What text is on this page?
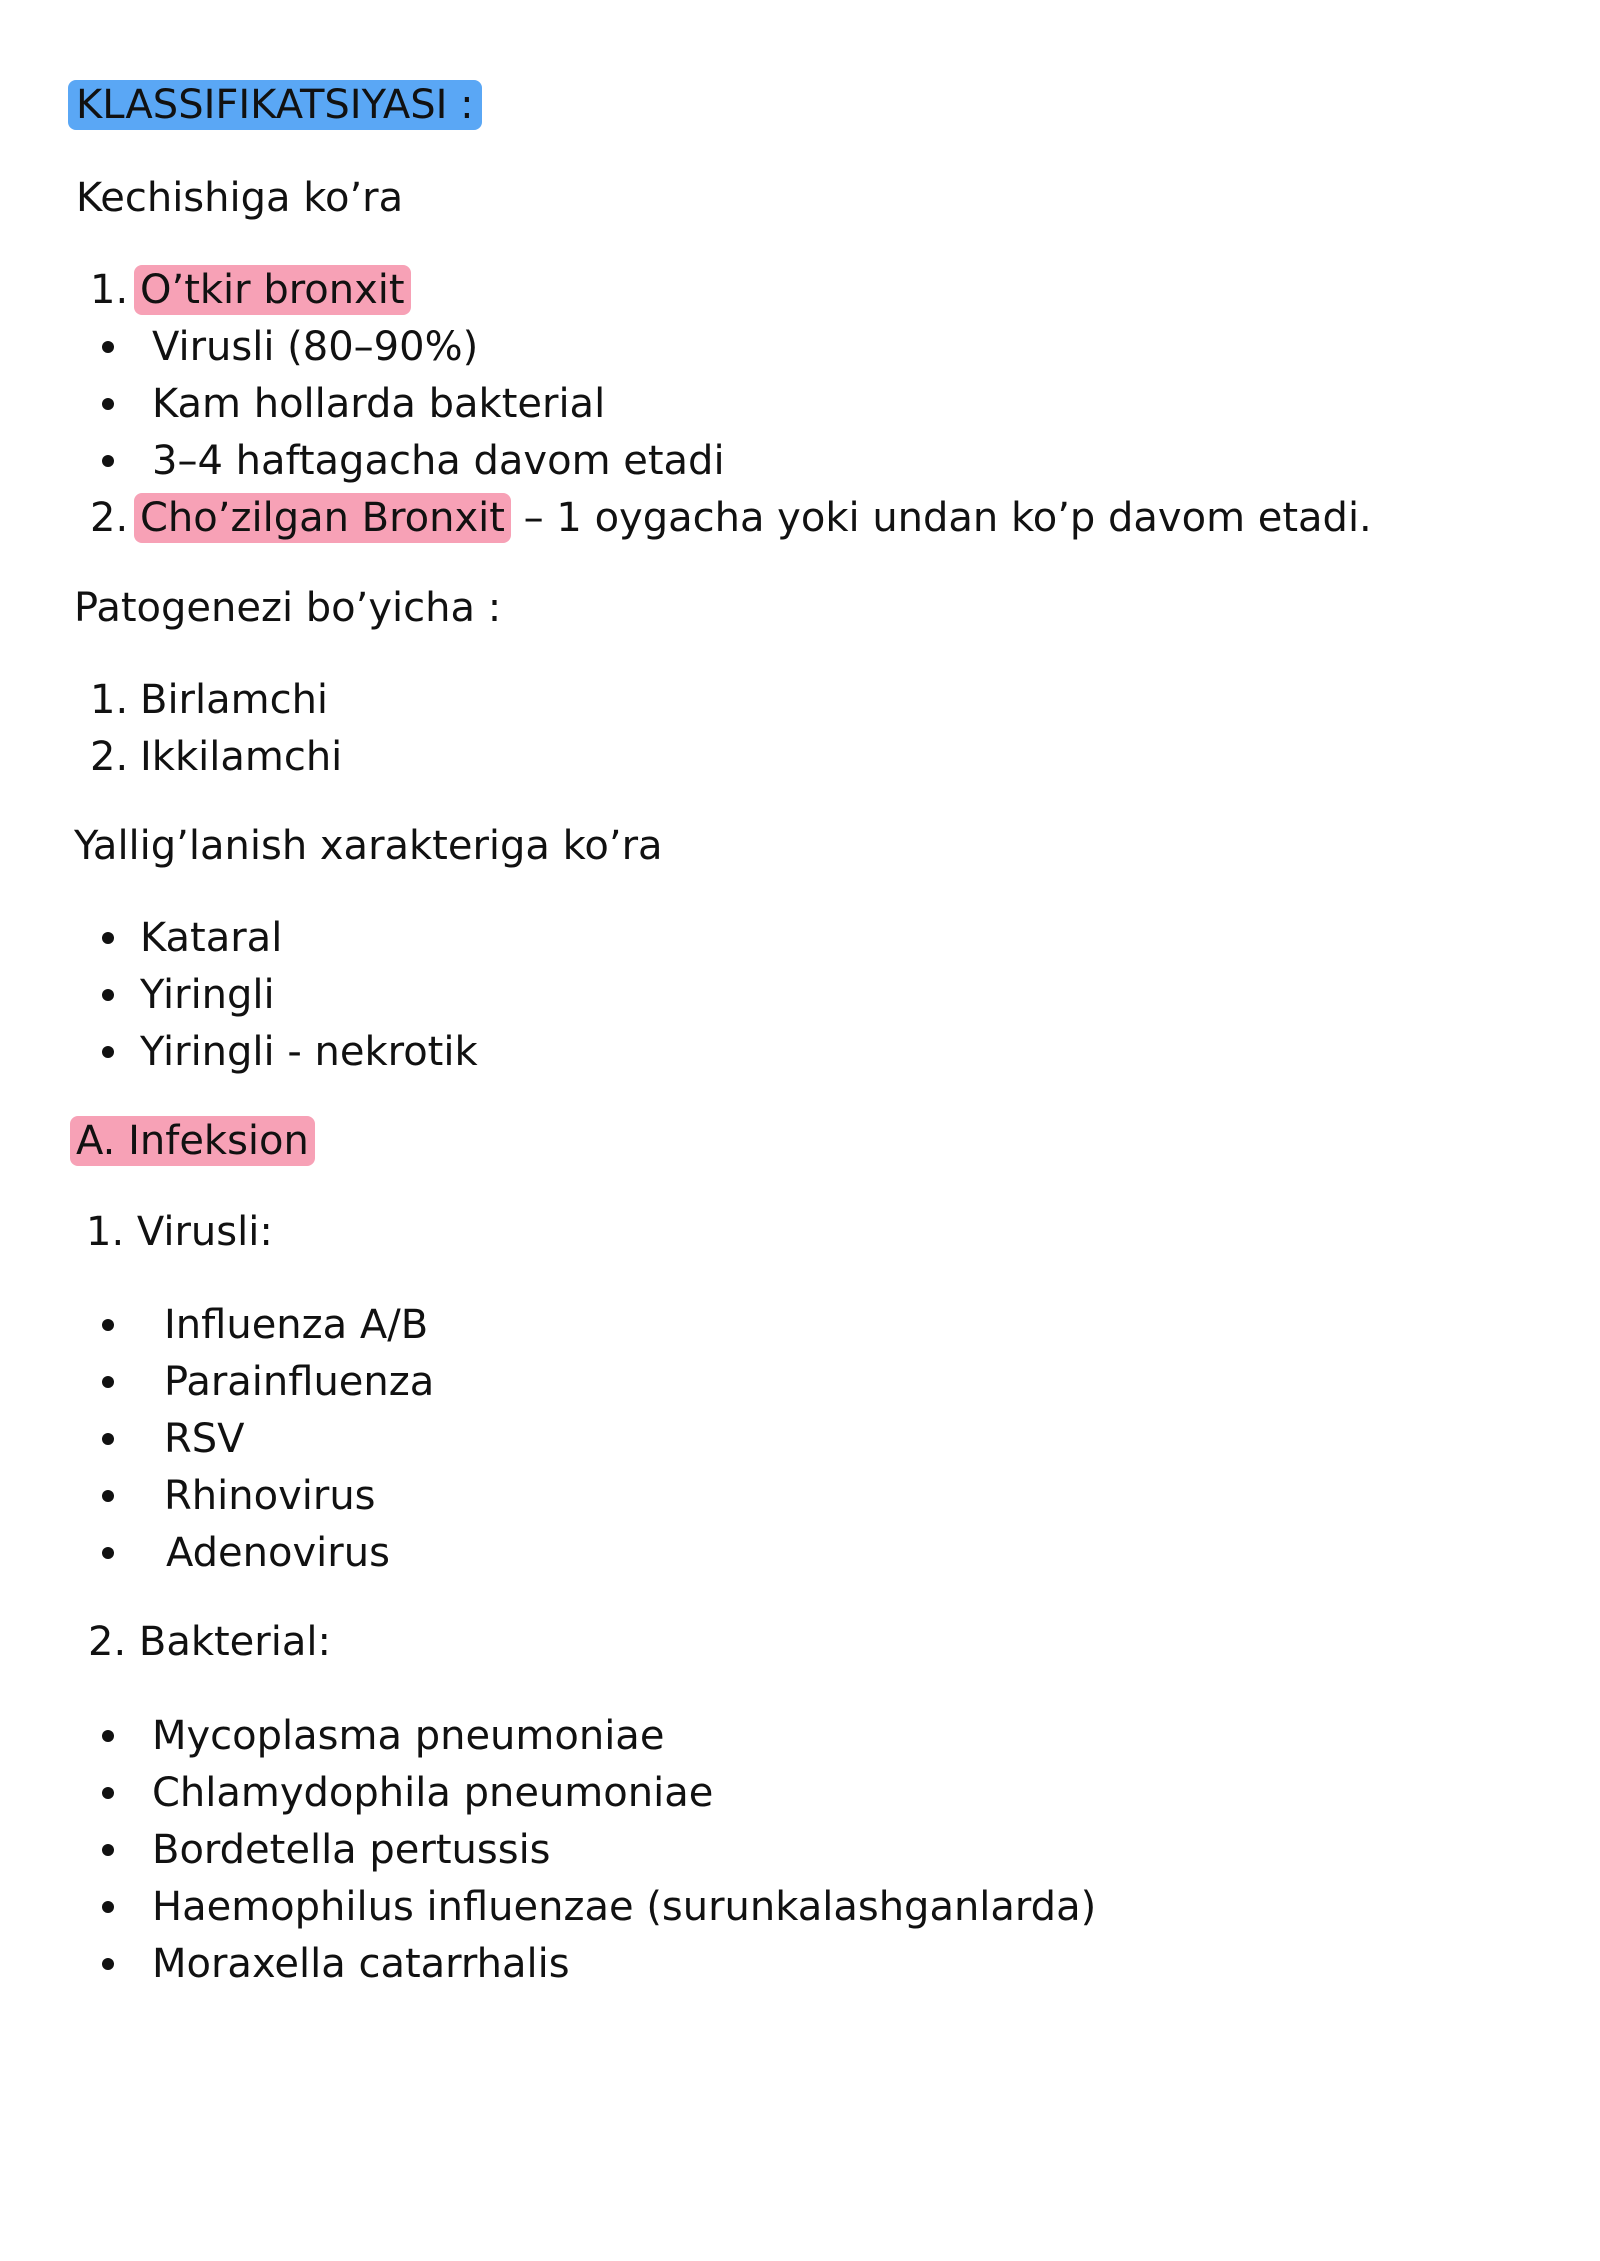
KLASSIFIKATSIYASI :
Kechishiga ko’ra
1. O’tkir bronxit
Virusli (80–90%)
Kam hollarda bakterial
3–4 haftagacha davom etadi
2. Cho’zilgan Bronxit – 1 oygacha yoki undan ko’p davom etadi.
Patogenezi bo’yicha :
1. Birlamchi
2. Ikkilamchi
Yallig’lanish xarakteriga ko’ra
Kataral
Yiringli
Yiringli - nekrotik
A. Infeksion
1. Virusli:
Influenza A/B
Parainfluenza
RSV
Rhinovirus
Adenovirus
2. Bakterial:
Mycoplasma pneumoniae
Chlamydophila pneumoniae
Bordetella pertussis
Haemophilus influenzae (surunkalashganlarda)
Moraxella catarrhalis
